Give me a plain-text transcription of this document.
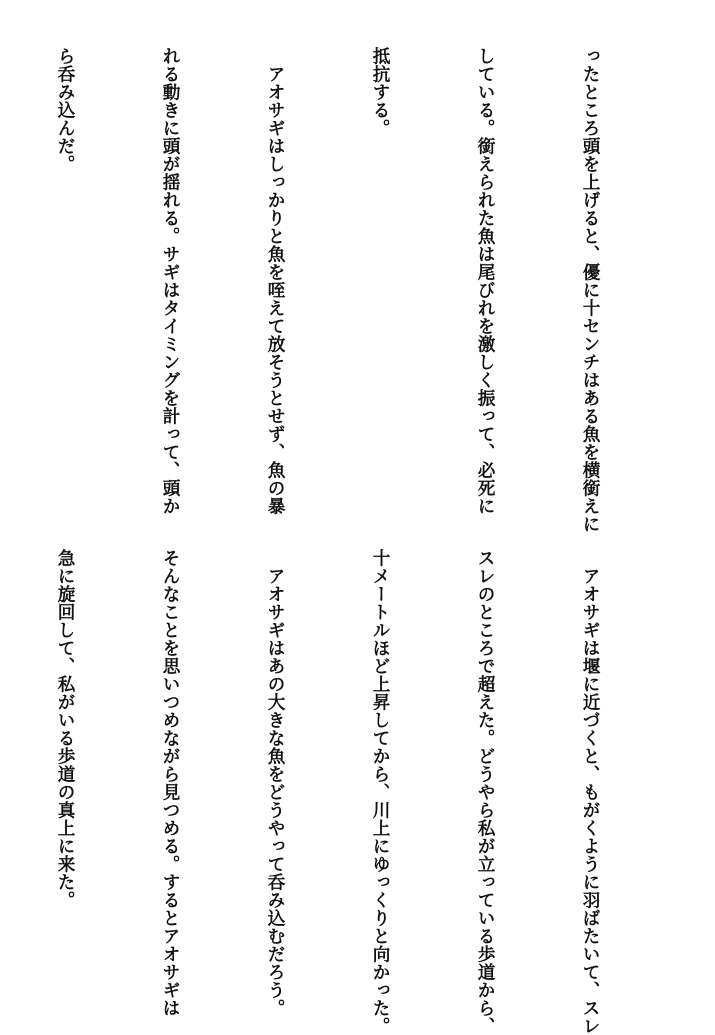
ったところ頭を上げると、優に十センチはある魚を横銜えに

している。銜えられた魚は尾びれを激しく振って、必死に

抵抗する。

　アオサギはしっかりと魚を咥えて放そうとせず、魚の暴

れる動きに頭が揺れる。サギはタイミングを計って、頭か

ら呑み込んだ。

　アオサギは堰に近づくと、もがくように羽ばたいて、スレ

スレのところで超えた。どうやら私が立っている歩道から、

十メートルほど上昇してから、川上にゆっくりと向かった。

　アオサギはあの大きな魚をどうやって呑み込むだろう。

そんなことを思いつめながら見つめる。するとアオサギは

急に旋回して、私がいる歩道の真上に来た。
